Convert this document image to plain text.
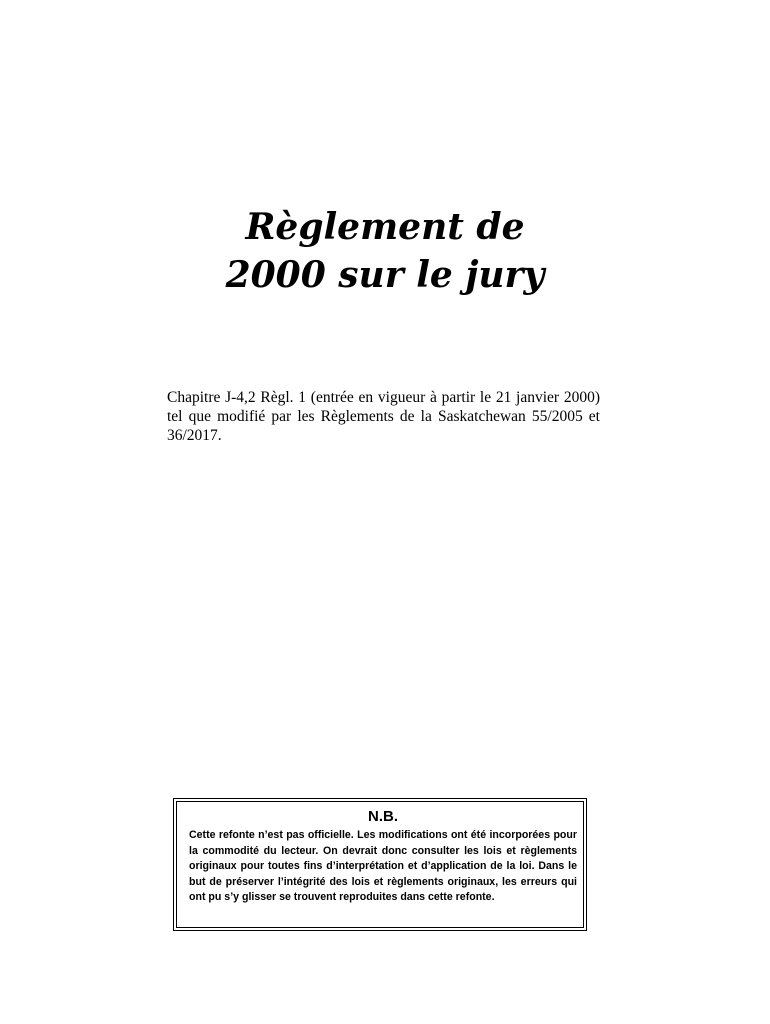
Règlement de
2000 sur le jury

Chapitre J-4,2 Règl. 1 (entrée en vigueur à partir le 21 janvier 2000) tel que modifié par les Règlements de la Saskatchewan 55/2005 et 36/2017.

N.B.

Cette refonte n’est pas officielle. Les modifications ont été incorporées pour la commodité du lecteur. On devrait donc consulter les lois et règlements originaux pour toutes fins d’interprétation et d’application de la loi. Dans le but de préserver l’intégrité des lois et règlements originaux, les erreurs qui ont pu s’y glisser se trouvent reproduites dans cette refonte.
